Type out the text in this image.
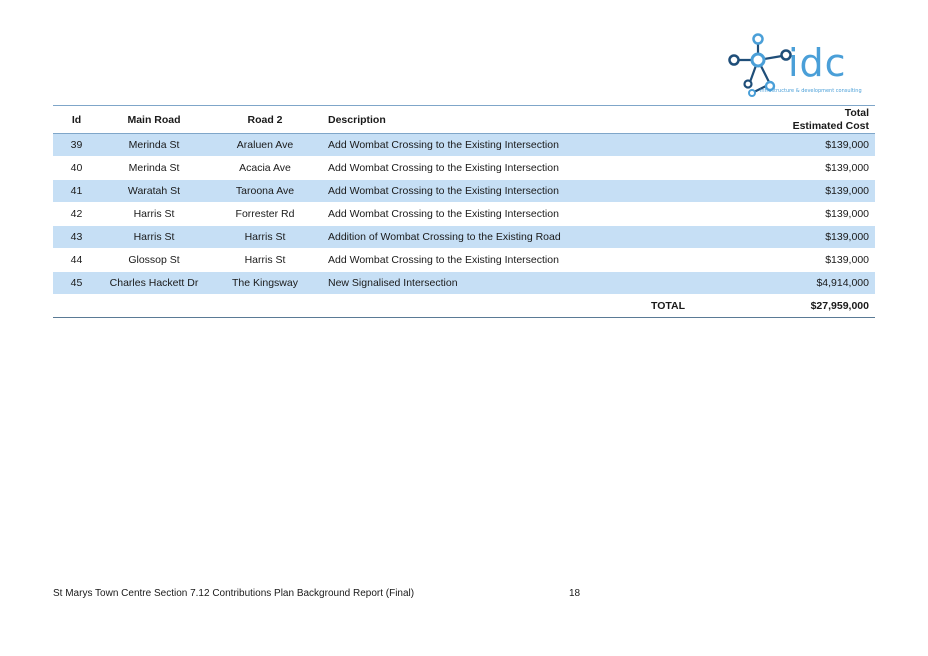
idc
infrastructure & development consulting
Id	Main Road	Road 2	Description		Total
Estimated Cost
39	Merinda St	Araluen Ave	Add Wombat Crossing to the Existing Intersection		$139,000
40	Merinda St	Acacia Ave	Add Wombat Crossing to the Existing Intersection		$139,000
41	Waratah St	Taroona Ave	Add Wombat Crossing to the Existing Intersection		$139,000
42	Harris St	Forrester Rd	Add Wombat Crossing to the Existing Intersection		$139,000
43	Harris St	Harris St	Addition of Wombat Crossing to the Existing Road		$139,000
44	Glossop St	Harris St	Add Wombat Crossing to the Existing Intersection		$139,000
45	Charles Hackett Dr	The Kingsway	New Signalised Intersection		$4,914,000
				TOTAL	$27,959,000
St Marys Town Centre Section 7.12 Contributions Plan Background Report (Final)	18
